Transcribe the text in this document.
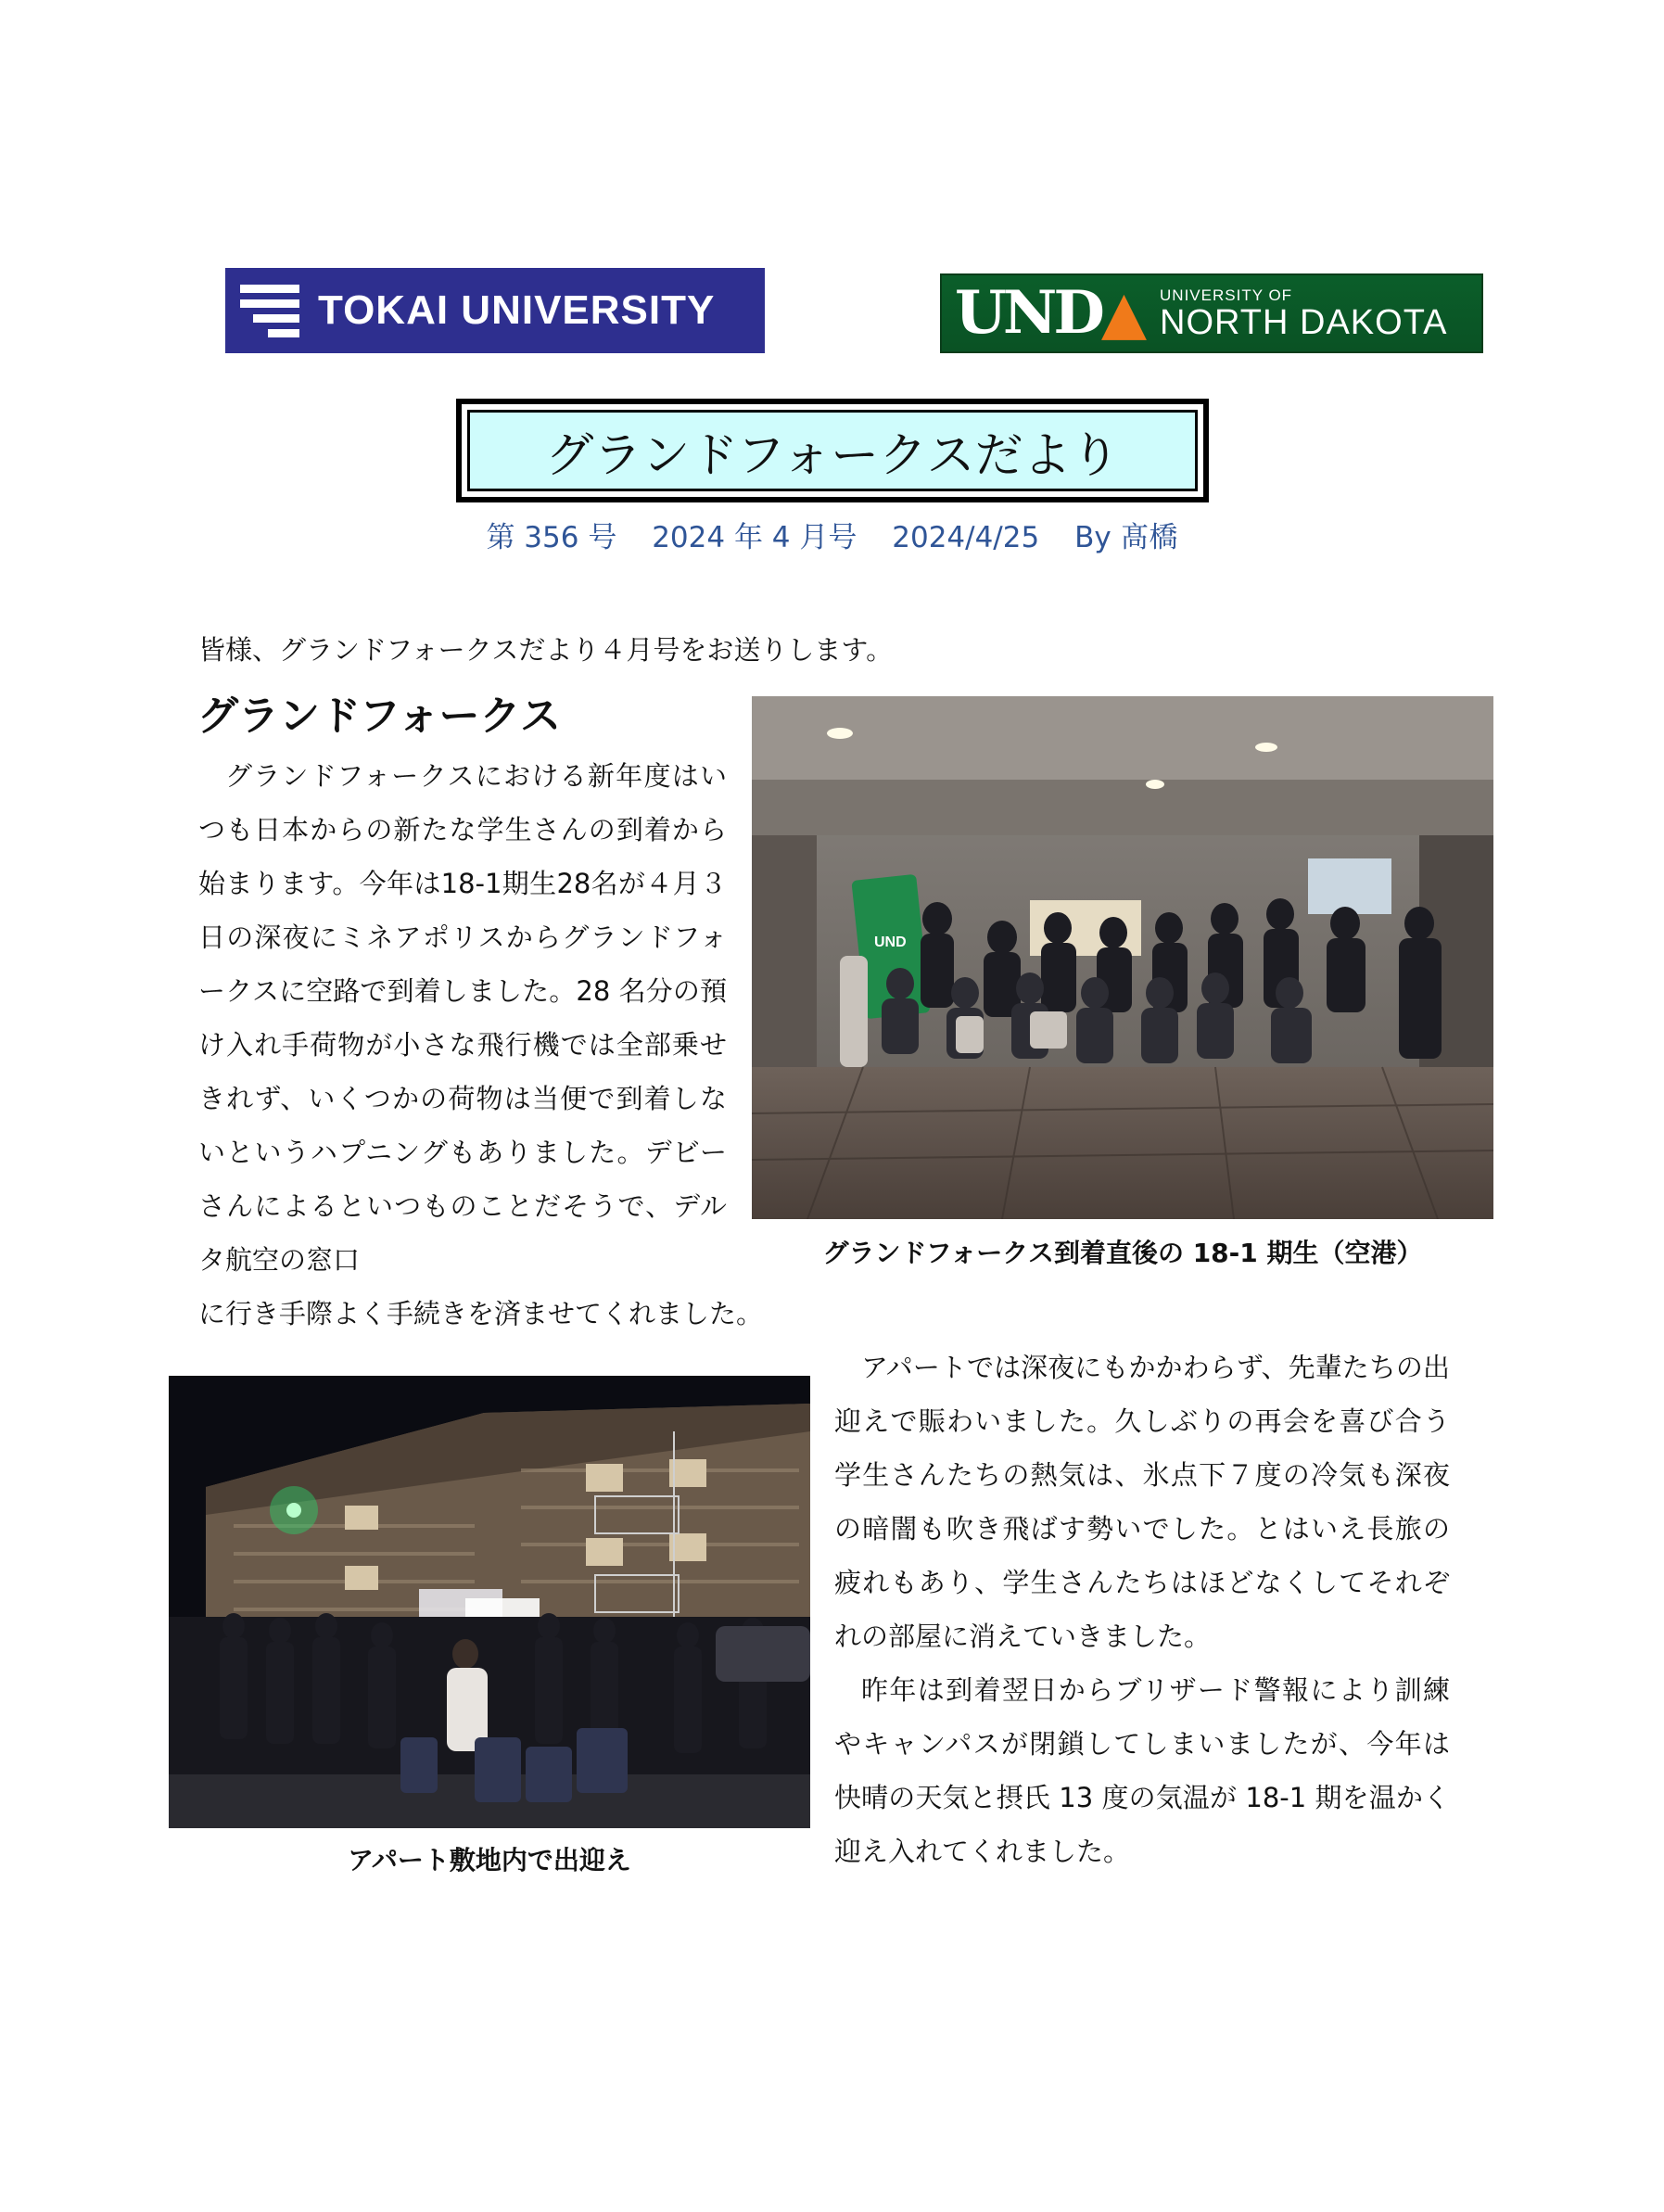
TOKAI UNIVERSITY	UND▲ UNIVERSITY OF
NORTH DAKOTA
グランドフォークスだより
第 356 号 2024 年 4 月号 2024/4/25 By 髙橋
皆様、グランドフォークスだより４月号をお送りします。
グランドフォークス
グランドフォークスにおける新年度はいつも日本からの新たな学生さんの到着から始まります。今年は18-1期生28名が４月３日の深夜にミネアポリスからグランドフォークスに空路で到着しました。28 名分の預け入れ手荷物が小さな飛行機では全部乗せきれず、いくつかの荷物は当便で到着しないというハプニングもありました。デビーさんによるといつものことだそうで、デルタ航空の窓口
に行き手際よく手続きを済ませてくれました。
UND
グランドフォークス到着直後の 18-1 期生（空港）
アパート敷地内で出迎え
アパートでは深夜にもかかわらず、先輩たちの出迎えで賑わいました。久しぶりの再会を喜び合う学生さんたちの熱気は、氷点下７度の冷気も深夜の暗闇も吹き飛ばす勢いでした。とはいえ長旅の疲れもあり、学生さんたちはほどなくしてそれぞれの部屋に消えていきました。
昨年は到着翌日からブリザード警報により訓練やキャンパスが閉鎖してしまいましたが、今年は快晴の天気と摂氏 13 度の気温が 18-1 期を温かく迎え入れてくれました。
